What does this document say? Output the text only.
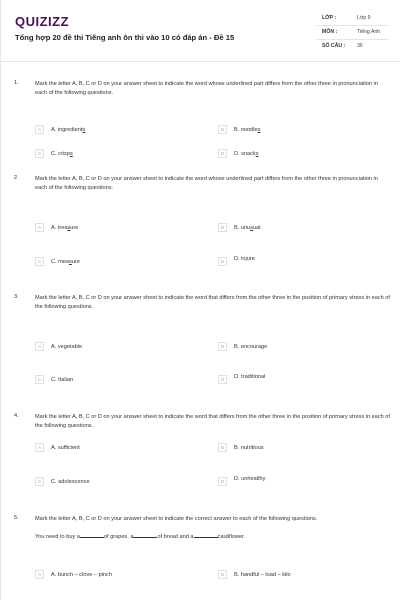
QUIZIZZ
Tổng hợp 20 đề thi Tiếng anh ôn thi vào 10 có đáp án - Đề 15
LỚP :	Lớp 9
MÔN :	Tiếng Anh
SỐ CÂU : 36
1.	Mark the letter A, B, C or D on your answer sheet to indicate the word whose underlined part differs from the other three in pronunciation in each of the following questions.
A	A. ingredients	B	B. noodles
C	C. crisps	D	D. snacks
2.	Mark the letter A, B, C or D on your answer sheet to indicate the word whose underlined part differs from the other three in pronunciation in each of the following questions.
A	A. treasure	B	B. unusual
C	C. measure	D	D. injure
3.	Mark the letter A, B, C or D on your answer sheet to indicate the word that differs from the other three in the position of primary stress in each of the following questions.
A	A. vegetable	B	B. encourage
C	C. Italian	D	D. traditional
4.	Mark the letter A, B, C or D on your answer sheet to indicate the word that differs from the other three in the position of primary stress in each of the following questions.
A	A. sufficient	B	B. nutritious
C	C. adolescence	D	D. unhealthy
5.	Mark the letter A, B, C or D on your answer sheet to indicate the correct answer to each of the following questions.
You need to buy a	of grapes, a	of bread and a	cauliflower.
A	A. bunch – clove – pinch	B	B. handful – load – kilo
